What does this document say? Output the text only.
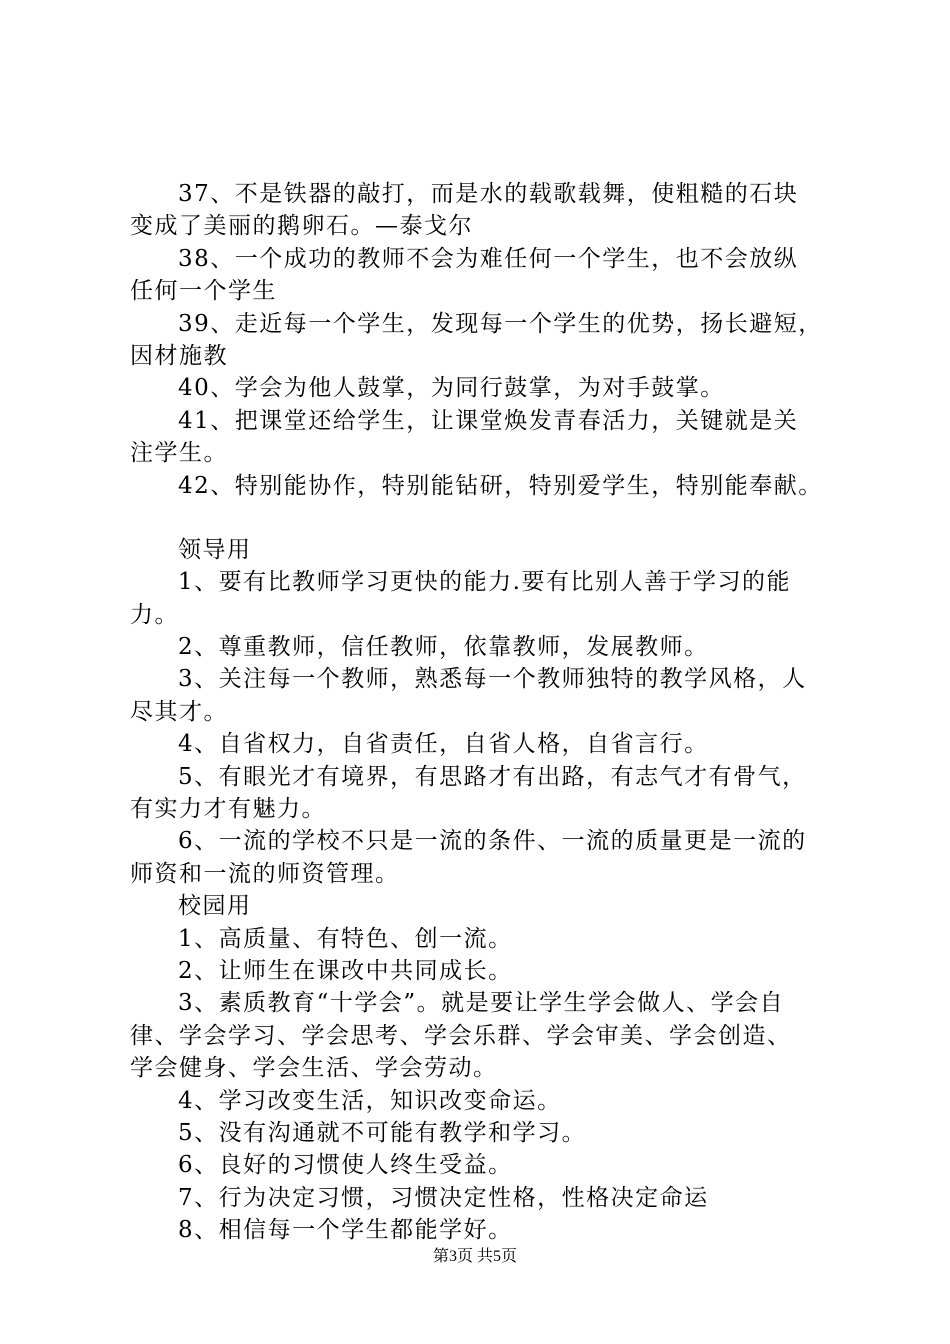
37、不是铁器的敲打，而是水的载歌载舞，使粗糙的石块
变成了美丽的鹅卵石。—泰戈尔
38、一个成功的教师不会为难任何一个学生，也不会放纵
任何一个学生
39、走近每一个学生，发现每一个学生的优势，扬长避短，
因材施教
40、学会为他人鼓掌，为同行鼓掌，为对手鼓掌。
41、把课堂还给学生，让课堂焕发青春活力，关键就是关
注学生。
42、特别能协作，特别能钻研，特别爱学生，特别能奉献。
领导用
1、要有比教师学习更快的能力.要有比别人善于学习的能
力。
2、尊重教师，信任教师，依靠教师，发展教师。
3、关注每一个教师，熟悉每一个教师独特的教学风格，人
尽其才。
4、自省权力，自省责任，自省人格，自省言行。
5、有眼光才有境界，有思路才有出路，有志气才有骨气，
有实力才有魅力。
6、一流的学校不只是一流的条件、一流的质量更是一流的
师资和一流的师资管理。
校园用
1、高质量、有特色、创一流。
2、让师生在课改中共同成长。
3、素质教育“十学会”。就是要让学生学会做人、学会自
律、学会学习、学会思考、学会乐群、学会审美、学会创造、
学会健身、学会生活、学会劳动。
4、学习改变生活，知识改变命运。
5、没有沟通就不可能有教学和学习。
6、良好的习惯使人终生受益。
7、行为决定习惯，习惯决定性格，性格决定命运
8、相信每一个学生都能学好。
第3页 共5页
